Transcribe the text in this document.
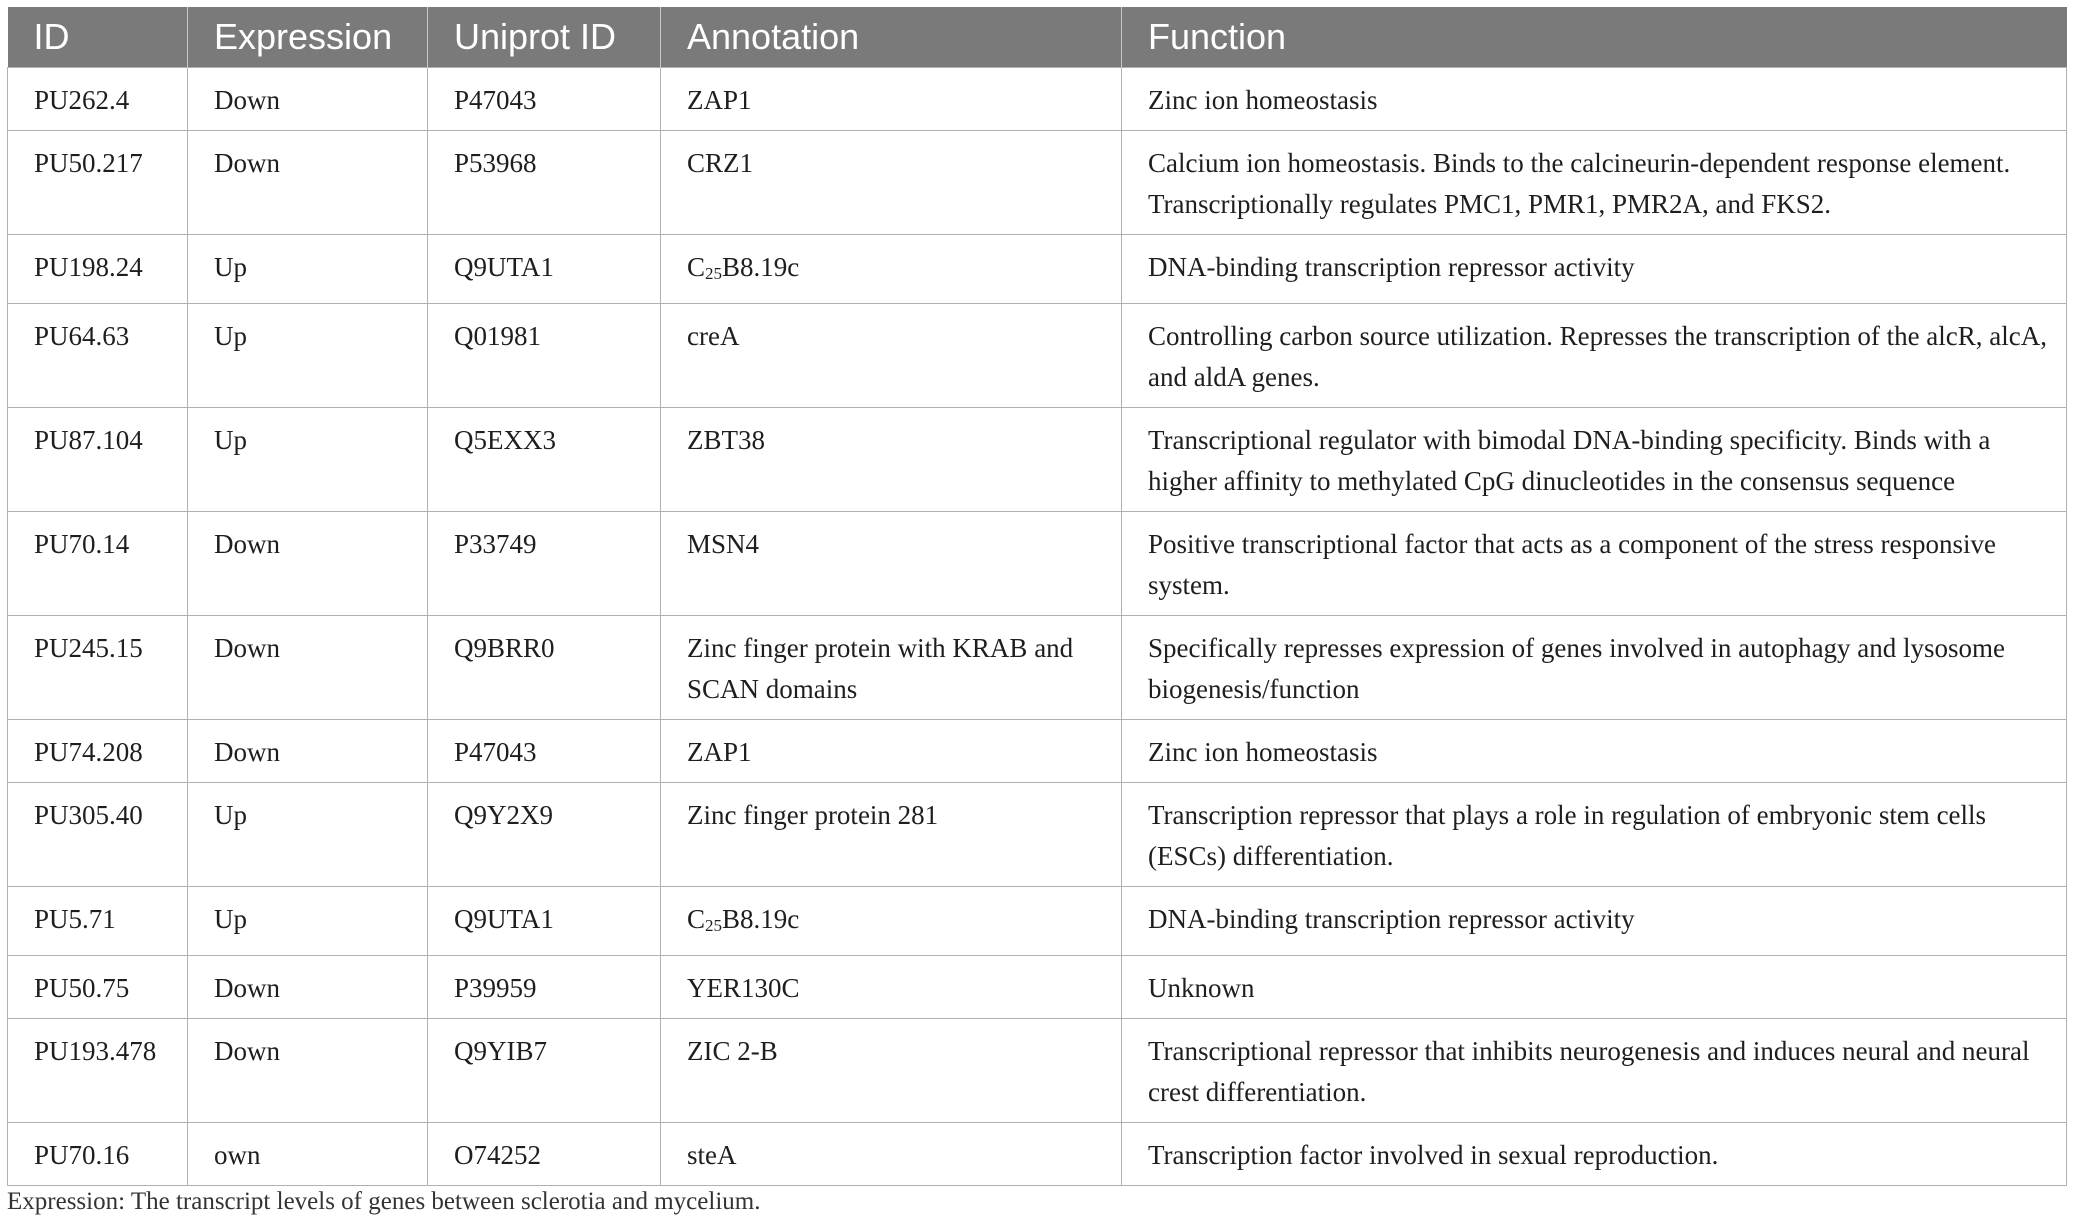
ID	Expression	Uniprot ID	Annotation	Function
PU262.4	Down	P47043	ZAP1	Zinc ion homeostasis
PU50.217	Down	P53968	CRZ1	Calcium ion homeostasis. Binds to the calcineurin-dependent response element. Transcriptionally regulates PMC1, PMR1, PMR2A, and FKS2.
PU198.24	Up	Q9UTA1	$C_{25}B8.19c$	DNA-binding transcription repressor activity
PU64.63	Up	Q01981	creA	Controlling carbon source utilization. Represses the transcription of the alcR, alcA, and aldA genes.
PU87.104	Up	Q5EXX3	ZBT38	Transcriptional regulator with bimodal DNA-binding specificity. Binds with a higher affinity to methylated CpG dinucleotides in the consensus sequence
PU70.14	Down	P33749	MSN4	Positive transcriptional factor that acts as a component of the stress responsive system.
PU245.15	Down	Q9BRR0	Zinc finger protein with KRAB and SCAN domains	Specifically represses expression of genes involved in autophagy and lysosome biogenesis/function
PU74.208	Down	P47043	ZAP1	Zinc ion homeostasis
PU305.40	Up	Q9Y2X9	Zinc finger protein 281	Transcription repressor that plays a role in regulation of embryonic stem cells (ESCs) differentiation.
PU5.71	Up	Q9UTA1	$C_{25}B8.19c$	DNA-binding transcription repressor activity
PU50.75	Down	P39959	YER130C	Unknown
PU193.478	Down	Q9YIB7	ZIC 2-B	Transcriptional repressor that inhibits neurogenesis and induces neural and neural crest differentiation.
PU70.16	own	O74252	steA	Transcription factor involved in sexual reproduction.
Expression: The transcript levels of genes between sclerotia and mycelium.
